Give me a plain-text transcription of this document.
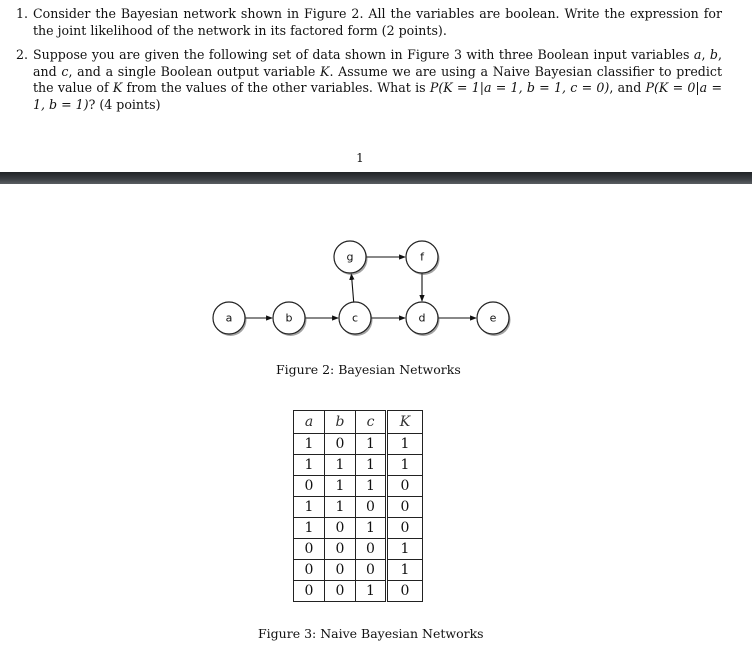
1. Consider the Bayesian network shown in Figure 2. All the variables are boolean. Write the expression for the joint likelihood of the network in its factored form (2 points).
2. Suppose you are given the following set of data shown in Figure 3 with three Boolean input variables a, b, and c, and a single Boolean output variable K. Assume we are using a Naive Bayesian classifier to predict the value of K from the values of the other variables. What is P(K = 1|a = 1, b = 1, c = 0), and P(K = 0|a = 1, b = 1)? (4 points)
1
a	b	c	d	e
g	f
Figure 2: Bayesian Networks
a	b	c	K
1	0	1	1
1	1	1	1
0	1	1	0
1	1	0	0
1	0	1	0
0	0	0	1
0	0	0	1
0	0	1	0
Figure 3: Naive Bayesian Networks
